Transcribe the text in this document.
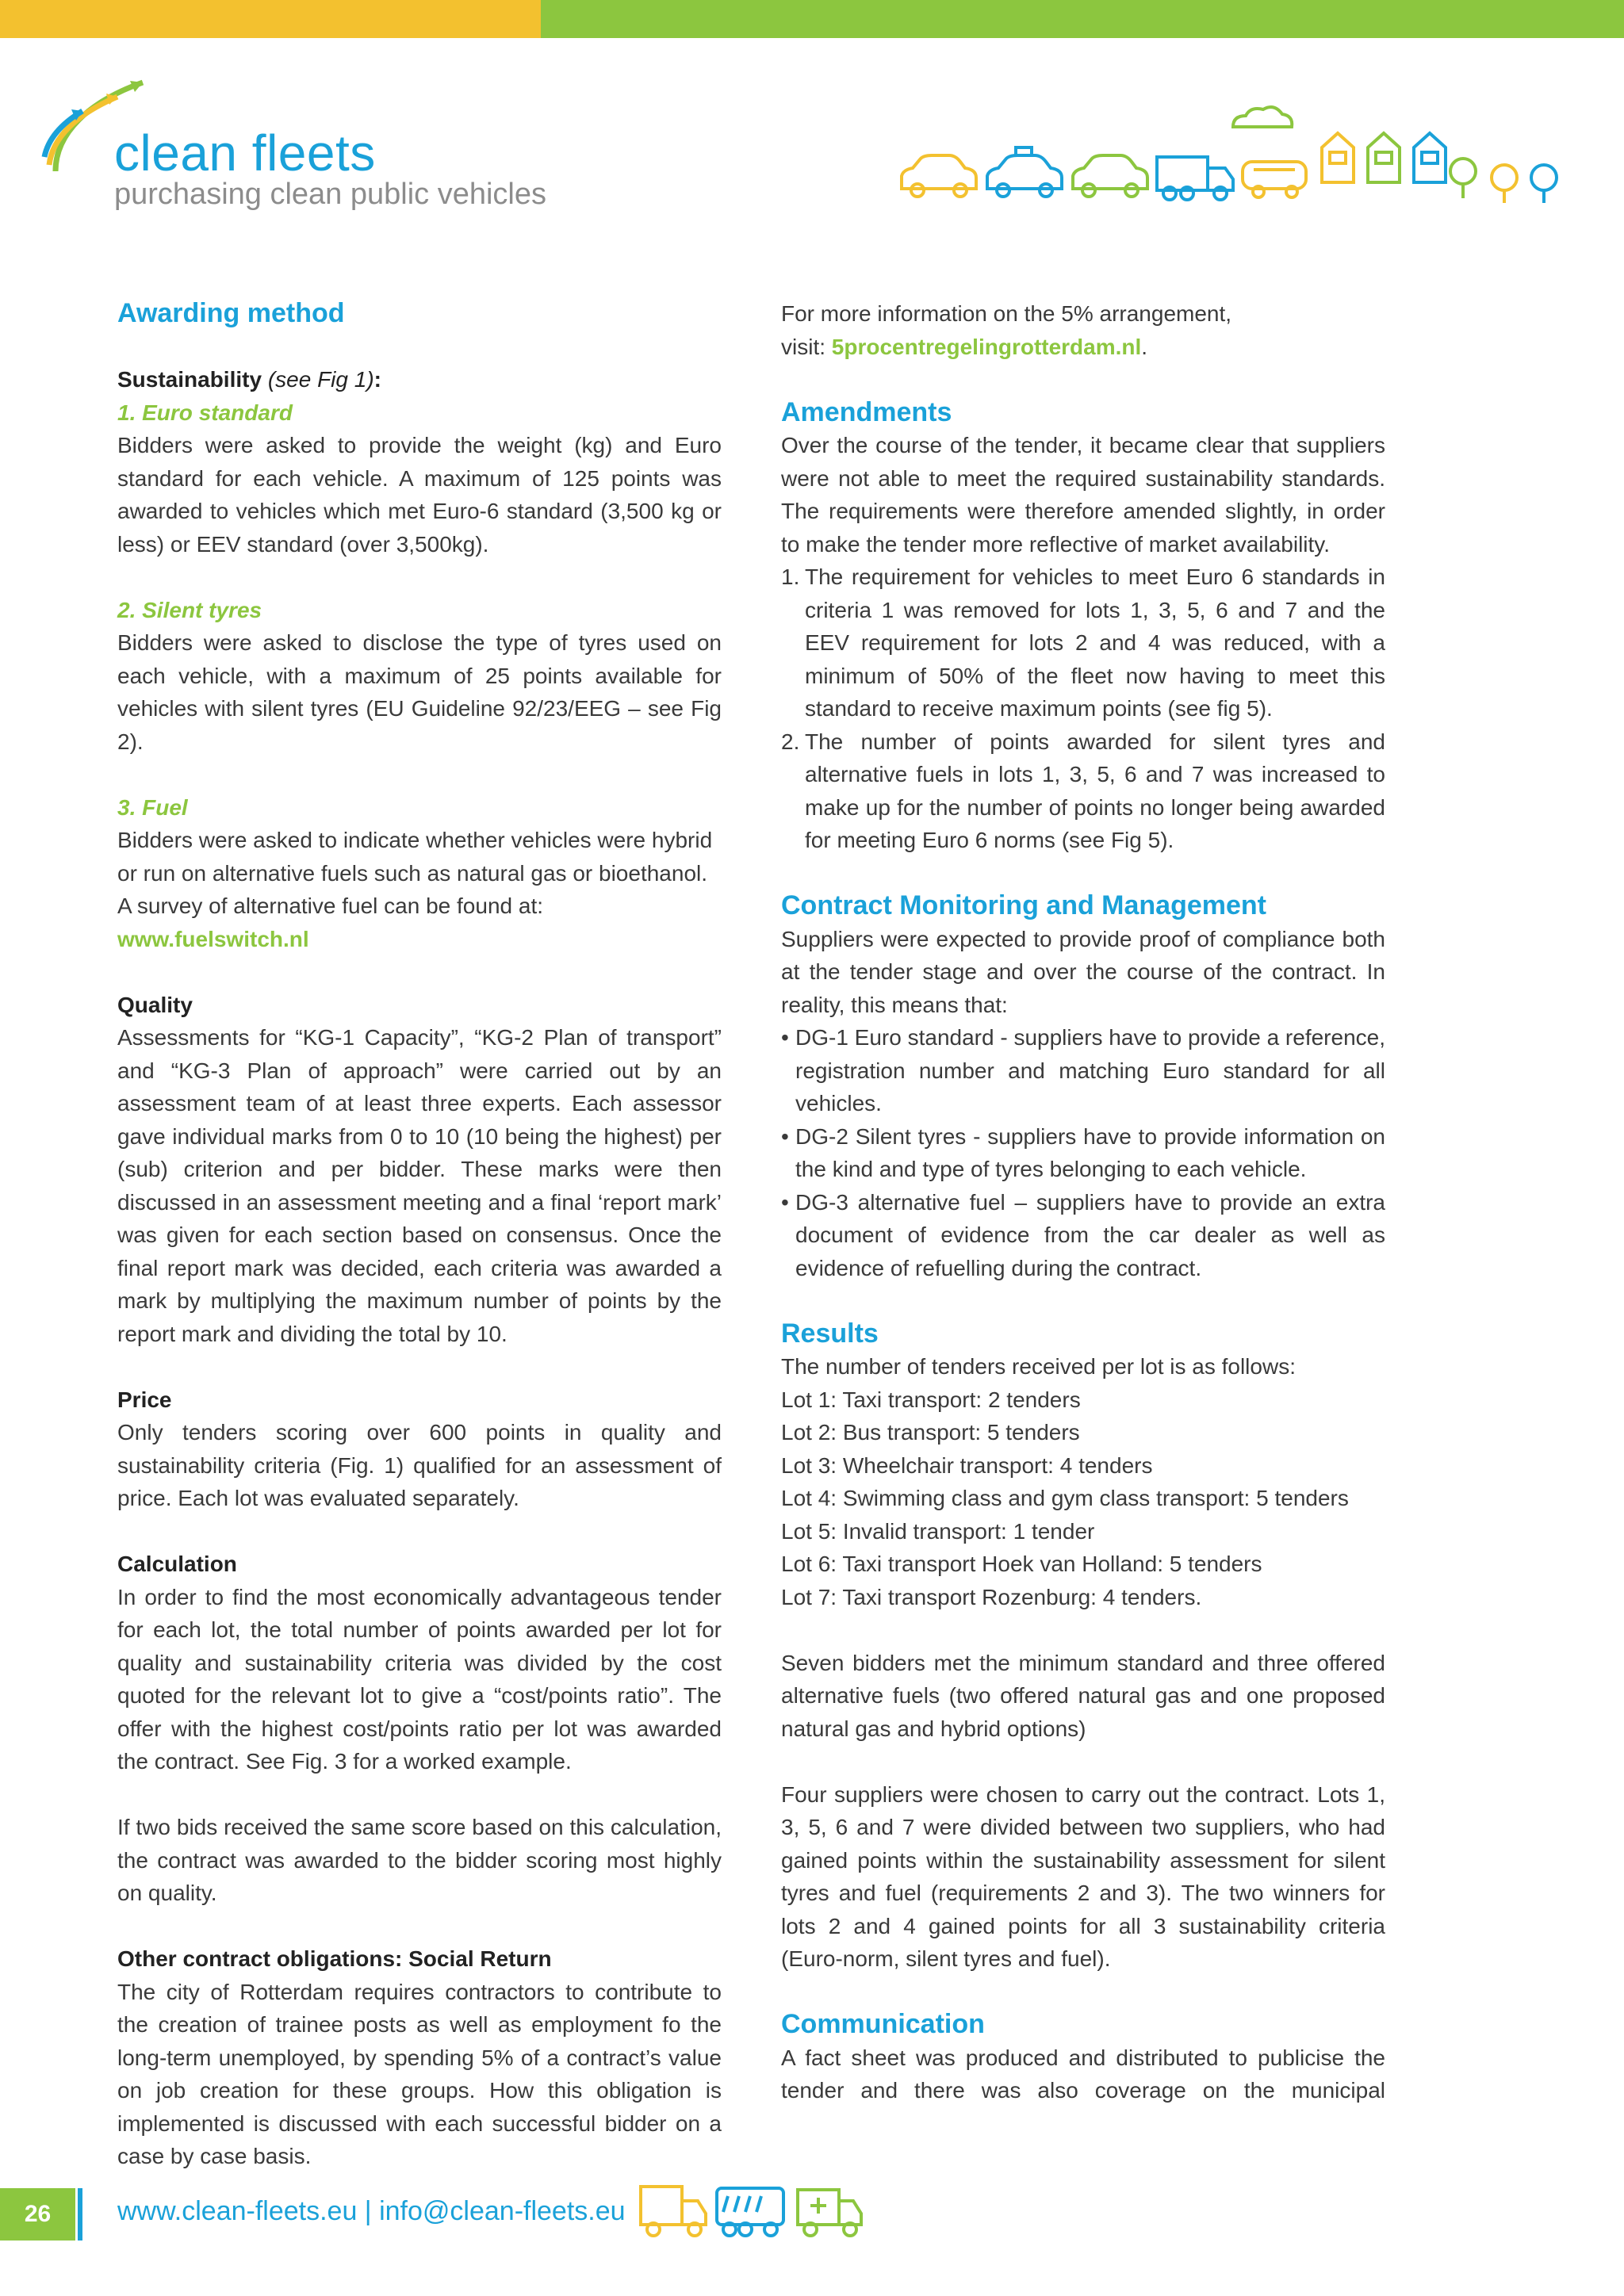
clean fleets
purchasing clean public vehicles
Awarding method

Sustainability (see Fig 1):

1. Euro standard

Bidders were asked to provide the weight (kg) and Euro standard for each vehicle. A maximum of 125 points was awarded to vehicles which met Euro-6 standard (3,500 kg or less) or EEV standard (over 3,500kg).

2. Silent tyres

Bidders were asked to disclose the type of tyres used on each vehicle, with a maximum of 25 points available for vehicles with silent tyres (EU Guideline 92/23/EEG – see Fig 2).

3. Fuel

Bidders were asked to indicate whether vehicles were hybrid or run on alternative fuels such as natural gas or bioethanol. A survey of alternative fuel can be found at:

www.fuelswitch.nl

Quality

Assessments for “KG-1 Capacity”, “KG-2 Plan of transport” and “KG-3 Plan of approach” were carried out by an assessment team of at least three experts. Each assessor gave individual marks from 0 to 10 (10 being the highest) per (sub) criterion and per bidder. These marks were then discussed in an assessment meeting and a final ‘report mark’ was given for each section based on consensus. Once the final report mark was decided, each criteria was awarded a mark by multiplying the maximum number of points by the report mark and dividing the total by 10.

Price

Only tenders scoring over 600 points in quality and sustainability criteria (Fig. 1) qualified for an assessment of price. Each lot was evaluated separately.

Calculation

In order to find the most economically advantageous tender for each lot, the total number of points awarded per lot for quality and sustainability criteria was divided by the cost quoted for the relevant lot to give a “cost/points ratio”. The offer with the highest cost/points ratio per lot was awarded the contract. See Fig. 3 for a worked example.

If two bids received the same score based on this calculation, the contract was awarded to the bidder scoring most highly on quality.

Other contract obligations: Social Return

The city of Rotterdam requires contractors to contribute to the creation of trainee posts as well as employment fo the long-term unemployed, by spending 5% of a contract’s value on job creation for these groups. How this obligation is implemented is discussed with each successful bidder on a case by case basis.

For more information on the 5% arrangement,

visit: 5procentregelingrotterdam.nl.

Amendments

Over the course of the tender, it became clear that suppliers were not able to meet the required sustainability standards. The requirements were therefore amended slightly, in order to make the tender more reflective of market availability.

1. The requirement for vehicles to meet Euro 6 standards in criteria 1 was removed for lots 1, 3, 5, 6 and 7 and the EEV requirement for lots 2 and 4 was reduced, with a minimum of 50% of the fleet now having to meet this standard to receive maximum points (see fig 5).
2. The number of points awarded for silent tyres and alternative fuels in lots 1, 3, 5, 6 and 7 was increased to make up for the number of points no longer being awarded for meeting Euro 6 norms (see Fig 5).
Contract Monitoring and Management

Suppliers were expected to provide proof of compliance both at the tender stage and over the course of the contract. In reality, this means that:

• DG-1 Euro standard - suppliers have to provide a reference, registration number and matching Euro standard for all vehicles.
• DG-2 Silent tyres - suppliers have to provide information on the kind and type of tyres belonging to each vehicle.
• DG-3 alternative fuel – suppliers have to provide an extra document of evidence from the car dealer as well as evidence of refuelling during the contract.
Results

The number of tenders received per lot is as follows:

Lot 1: Taxi transport: 2 tenders

Lot 2: Bus transport: 5 tenders

Lot 3: Wheelchair transport: 4 tenders

Lot 4: Swimming class and gym class transport: 5 tenders

Lot 5: Invalid transport: 1 tender

Lot 6: Taxi transport Hoek van Holland: 5 tenders

Lot 7: Taxi transport Rozenburg: 4 tenders.

Seven bidders met the minimum standard and three offered alternative fuels (two offered natural gas and one proposed natural gas and hybrid options)

Four suppliers were chosen to carry out the contract. Lots 1, 3, 5, 6 and 7 were divided between two suppliers, who had gained points within the sustainability assessment for silent tyres and fuel (requirements 2 and 3). The two winners for lots 2 and 4 gained points for all 3 sustainability criteria (Euro-norm, silent tyres and fuel).

Communication

A fact sheet was produced and distributed to publicise the tender and there was also coverage on the municipal

26	www.clean-fleets.eu | info@clean-fleets.eu
